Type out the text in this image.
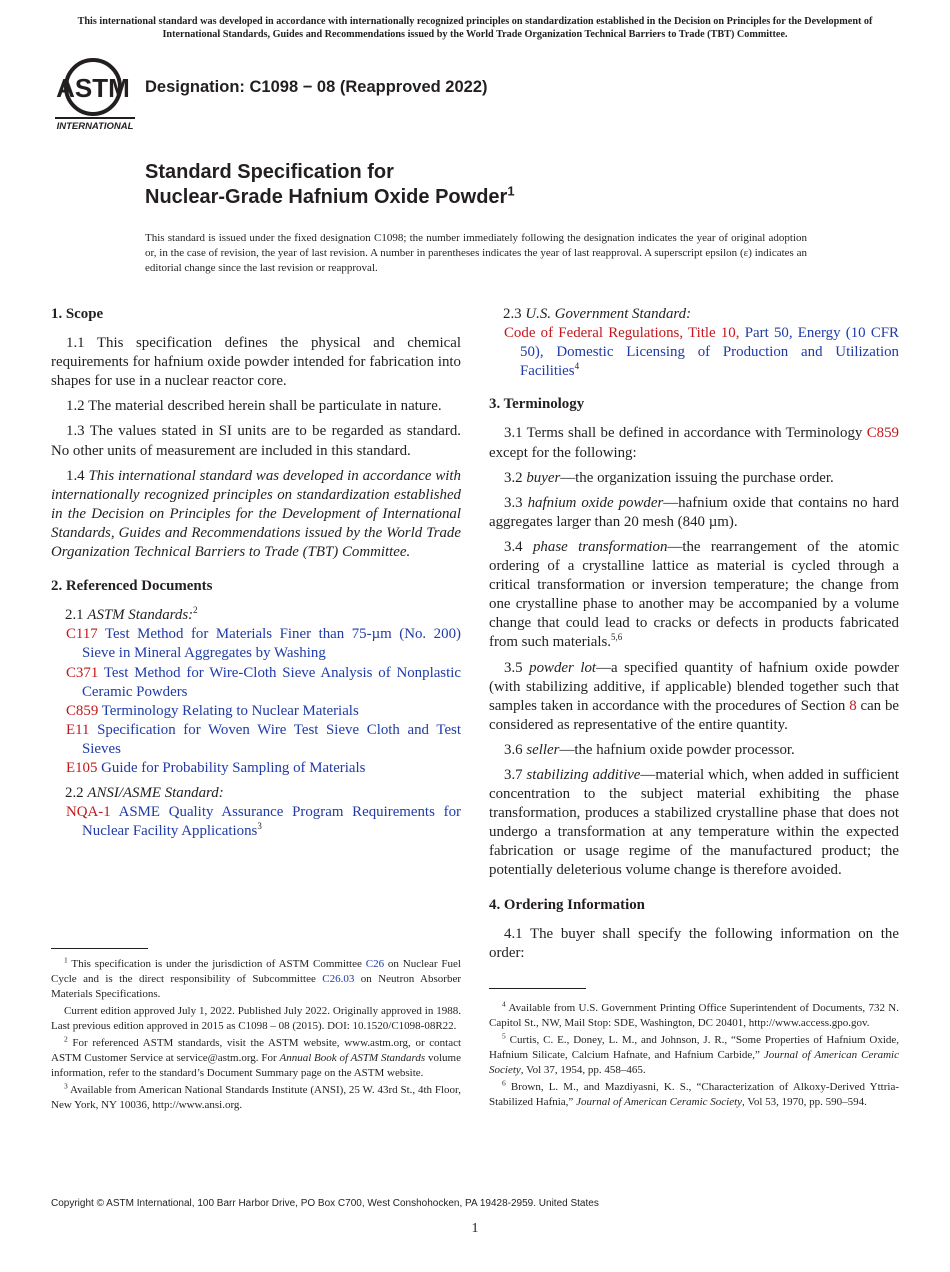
This international standard was developed in accordance with internationally recognized principles on standardization established in the Decision on Principles for the Development of International Standards, Guides and Recommendations issued by the World Trade Organization Technical Barriers to Trade (TBT) Committee.
ASTM
INTERNATIONAL
Designation: C1098 − 08 (Reapproved 2022)
Standard Specification for
Nuclear-Grade Hafnium Oxide Powder$^1$
This standard is issued under the fixed designation C1098; the number immediately following the designation indicates the year of original adoption or, in the case of revision, the year of last revision. A number in parentheses indicates the year of last reapproval. A superscript epsilon (ε) indicates an editorial change since the last revision or reapproval.
1. Scope

1.1 This specification defines the physical and chemical requirements for hafnium oxide powder intended for fabrication into shapes for use in a nuclear reactor core.

1.2 The material described herein shall be particulate in nature.

1.3 The values stated in SI units are to be regarded as standard. No other units of measurement are included in this standard.

1.4 This international standard was developed in accordance with internationally recognized principles on standardization established in the Decision on Principles for the Development of International Standards, Guides and Recommendations issued by the World Trade Organization Technical Barriers to Trade (TBT) Committee.

2. Referenced Documents
2.1 ASTM Standards:$^2$
C117 Test Method for Materials Finer than 75-µm (No. 200) Sieve in Mineral Aggregates by Washing
C371 Test Method for Wire-Cloth Sieve Analysis of Nonplastic Ceramic Powders
C859 Terminology Relating to Nuclear Materials
E11 Specification for Woven Wire Test Sieve Cloth and Test Sieves
E105 Guide for Probability Sampling of Materials
2.2 ANSI/ASME Standard:
NQA-1 ASME Quality Assurance Program Requirements for Nuclear Facility Applications$^3$
2.3 U.S. Government Standard:
Code of Federal Regulations, Title 10, Part 50, Energy (10 CFR 50), Domestic Licensing of Production and Utilization Facilities$^4$
3. Terminology

3.1 Terms shall be defined in accordance with Terminology C859 except for the following:

3.2 buyer—the organization issuing the purchase order.

3.3 hafnium oxide powder—hafnium oxide that contains no hard aggregates larger than 20 mesh (840 µm).

3.4 phase transformation—the rearrangement of the atomic ordering of a crystalline lattice as material is cycled through a critical transformation or inversion temperature; the change from one crystalline phase to another may be accompanied by a volume change that could lead to cracks or defects in products fabricated from such materials.$^{5,6}$

3.5 powder lot—a specified quantity of hafnium oxide powder (with stabilizing additive, if applicable) blended together such that samples taken in accordance with the procedures of Section 8 can be considered as representative of the entire quantity.

3.6 seller—the hafnium oxide powder processor.

3.7 stabilizing additive—material which, when added in sufficient concentration to the subject material exhibiting the phase transformation, produces a stabilized crystalline phase that does not undergo a transformation at any temperature within the expected fabrication or usage regime of the manufactured product; the potentially deleterious volume change is therefore avoided.

4. Ordering Information

4.1 The buyer shall specify the following information on the order:

$^1$ This specification is under the jurisdiction of ASTM Committee C26 on Nuclear Fuel Cycle and is the direct responsibility of Subcommittee C26.03 on Neutron Absorber Materials Specifications.

Current edition approved July 1, 2022. Published July 2022. Originally approved in 1988. Last previous edition approved in 2015 as C1098 – 08 (2015). DOI: 10.1520/C1098-08R22.

$^2$ For referenced ASTM standards, visit the ASTM website, www.astm.org, or contact ASTM Customer Service at service@astm.org. For Annual Book of ASTM Standards volume information, refer to the standard’s Document Summary page on the ASTM website.

$^3$ Available from American National Standards Institute (ANSI), 25 W. 43rd St., 4th Floor, New York, NY 10036, http://www.ansi.org.

$^4$ Available from U.S. Government Printing Office Superintendent of Documents, 732 N. Capitol St., NW, Mail Stop: SDE, Washington, DC 20401, http://www.access.gpo.gov.

$^5$ Curtis, C. E., Doney, L. M., and Johnson, J. R., “Some Properties of Hafnium Oxide, Hafnium Silicate, Calcium Hafnate, and Hafnium Carbide,” Journal of American Ceramic Society, Vol 37, 1954, pp. 458–465.

$^6$ Brown, L. M., and Mazdiyasni, K. S., “Characterization of Alkoxy-Derived Yttria-Stabilized Hafnia,” Journal of American Ceramic Society, Vol 53, 1970, pp. 590–594.

Copyright © ASTM International, 100 Barr Harbor Drive, PO Box C700, West Conshohocken, PA 19428-2959. United States
1
